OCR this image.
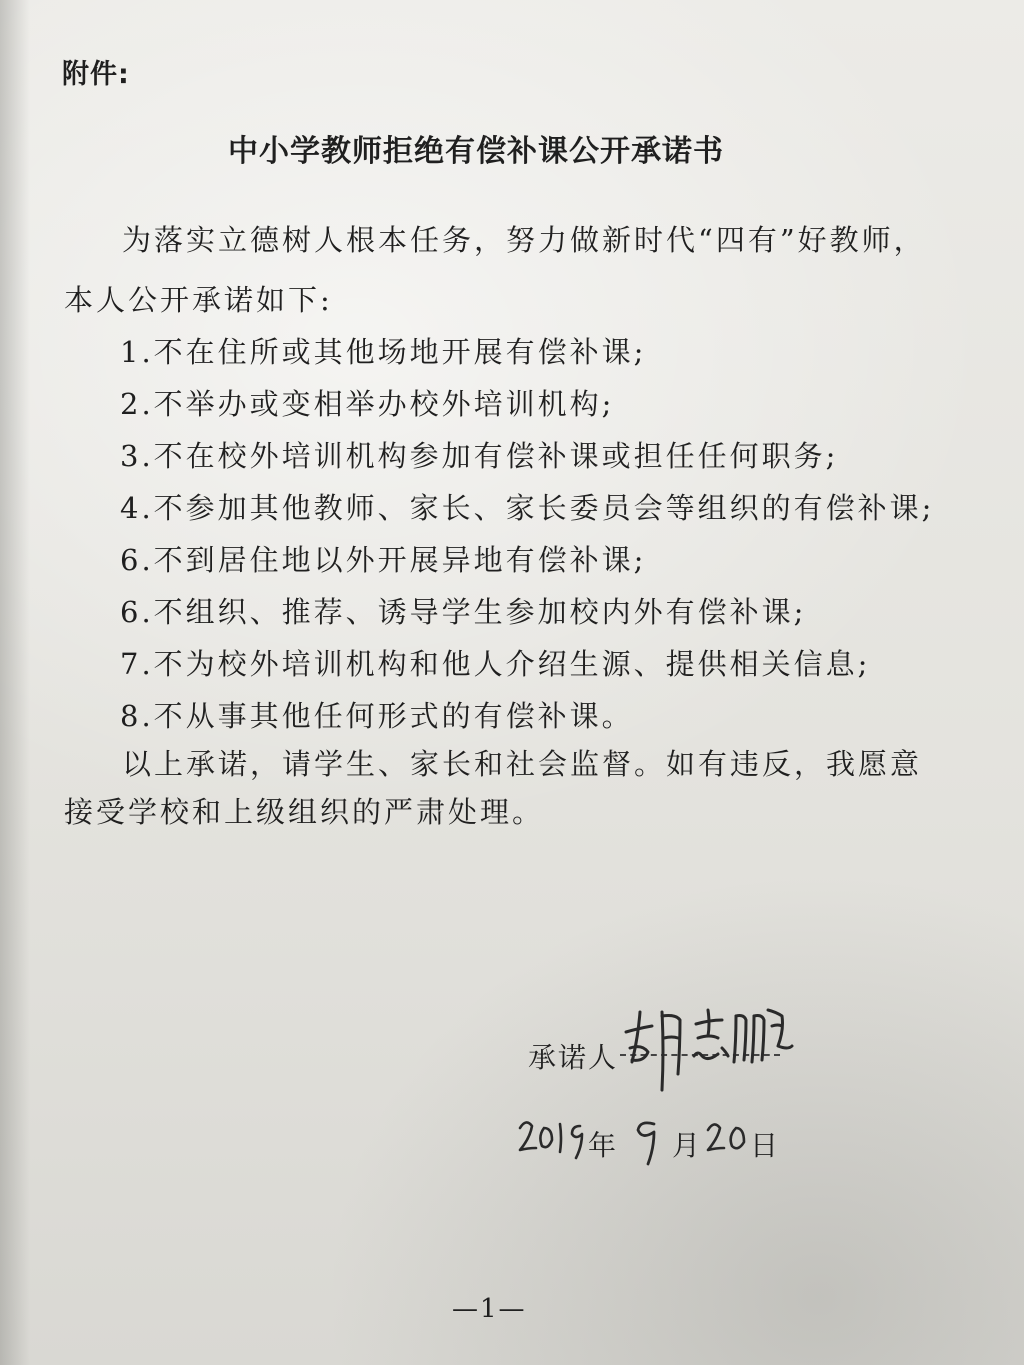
附件:
中小学教师拒绝有偿补课公开承诺书
为落实立德树人根本任务，努力做新时代“四有”好教师，
本人公开承诺如下:
1.不在住所或其他场地开展有偿补课;
2.不举办或变相举办校外培训机构;
3.不在校外培训机构参加有偿补课或担任任何职务;
4.不参加其他教师、家长、家长委员会等组织的有偿补课;
6.不到居住地以外开展异地有偿补课;
6.不组织、推荐、诱导学生参加校内外有偿补课;
7.不为校外培训机构和他人介绍生源、提供相关信息;
8.不从事其他任何形式的有偿补课。
以上承诺，请学生、家长和社会监督。如有违反，我愿意
接受学校和上级组织的严肃处理。
承诺人
年 月 日
—1—
